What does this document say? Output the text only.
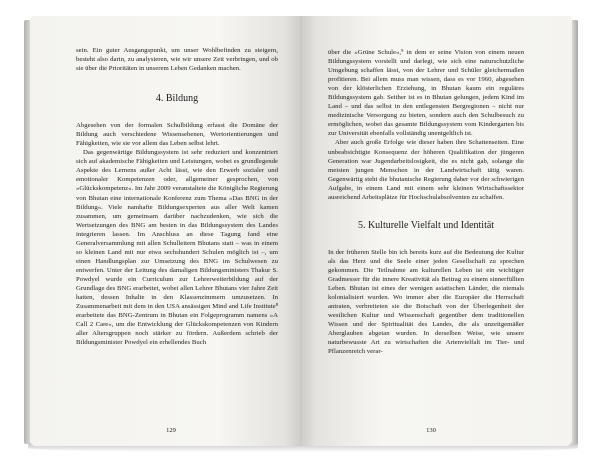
sein. Ein guter Ausgangspunkt, um unser Wohlbefinden zu steigern, besteht also darin, zu analysieren, wie wir unsere Zeit verbringen, und ob sie über die Prioritäten in unserem Leben Gedanken machen.

4. Bildung

Abgesehen von der formalen Schulbildung erfasst die Domäne der Bildung auch verschiedene Wissensebenen, Wertorientierungen und Fähigkeiten, wie sie vor allem das Leben selbst lehrt.

Das gegenwärtige Bildungssystem ist sehr reduziert und konzentriert sich auf akademische Fähigkeiten und Leistungen, wobei es grundlegende Aspekte des Lernens außer Acht lässt, wie den Erwerb sozialer und emotionaler Kompetenzen oder, allgemeiner gesprochen, von »Glückskompetenz«. Im Jahr 2009 veranstaltete die Königliche Regierung von Bhutan eine internationale Konferenz zum Thema »Das BNG in der Bildung«. Viele namhafte Bildungsexperten aus aller Welt kamen zusammen, um gemeinsam darüber nachzudenken, wie sich die Wertsetzungen des BNG am besten in das Bildungssystem des Landes integrieren lassen. Im Anschluss an diese Tagung fand eine Generalversammlung mit allen Schulleitern Bhutans statt – was in einem so kleinen Land mit nur etwa sechshundert Schulen möglich ist –, um einen Handlungsplan zur Umsetzung des BNG im Schulwesen zu entwerfen. Unter der Leitung des damaligen Bildungsministers Thakur S. Powdyel wurde ein Curriculum zur Lehrerweiterbildung auf der Grundlage des BNG erarbeitet, wobei allen Lehrer Bhutans vier Jahre Zeit hatten, dessen Inhalte in den Klassenzimmern umzusetzen. In Zusammenarbeit mit dem in den USA ansässigen Mind and Life Institute⁸ erarbeitete das BNG-Zentrum in Bhutan ein Folgeprogramm namens »A Call 2 Care«, um die Entwicklung der Glückskompetenzen von Kindern aller Altersgruppen noch stärker zu fördern. Außerdem schrieb der Bildungsminister Powdyel ein erhellendes Buch

129

über die »Grüne Schule«,⁹ in dem er seine Vision von einem neuen Bildungssystem vorstellt und darlegt, wie sich eine naturschutzliche Umgebung schaffen lässt, von der Lehrer und Schüler gleichermaßen profitieren. Bei allem muss man wissen, dass es vor 1960, abgesehen von der klösterlichen Erziehung, in Bhutan kaum ein reguläres Bildungssystem gab. Seither ist es in Bhutan gelungen, jedem Kind im Land – und das selbst in den entlegensten Bergregionen – nicht nur medizinische Versorgung zu bieten, sondern auch den Schulbesuch zu ermöglichen, wobei das gesamte Bildungssystem vom Kindergarten bis zur Universität ebenfalls vollständig unentgeltlich ist.

Aber auch große Erfolge wie dieser haben ihre Schattenseiten. Eine unbeabsichtigte Konsequenz der höheren Qualifikation der jüngeren Generation war Jugendarbeitslosigkeit, die es nicht gab, solange die meisten jungen Menschen in der Landwirtschaft tätig waren. Gegenwärtig steht die bhutanische Regierung daher vor der schwierigen Aufgabe, in einem Land mit einem sehr kleinen Wirtschaftssektor ausreichend Arbeitsplätze für Hochschulabsolventen zu schaffen.

5. Kulturelle Vielfalt und Identität

In der früheren Stelle bin ich bereits kurz auf die Bedeutung der Kultur als das Herz und die Seele einer jeden Gesellschaft zu sprechen gekommen. Die Teilnahme am kulturellen Leben ist ein wichtiger Gradmesser für die innere Kreativität als Beitrag zu einem sinnerfüllten Leben. Bhutan ist eines der wenigen asiatischen Länder, die niemals kolonialisiert wurden. Wo immer aber die Europäer die Herrschaft antraten, verbreiteten sie die Botschaft von der Überlegenheit der westlichen Kultur und Wissenschaft gegenüber dem traditionellen Wissen und der Spiritualität des Landes, die als unzeitgemäßer Aberglauben abgetan wurden. In derselben Weise, wie unsere naturbewusste Art zu wirtschaften die Artenvielfalt im Tier- und Pflanzenreich verar-

130
